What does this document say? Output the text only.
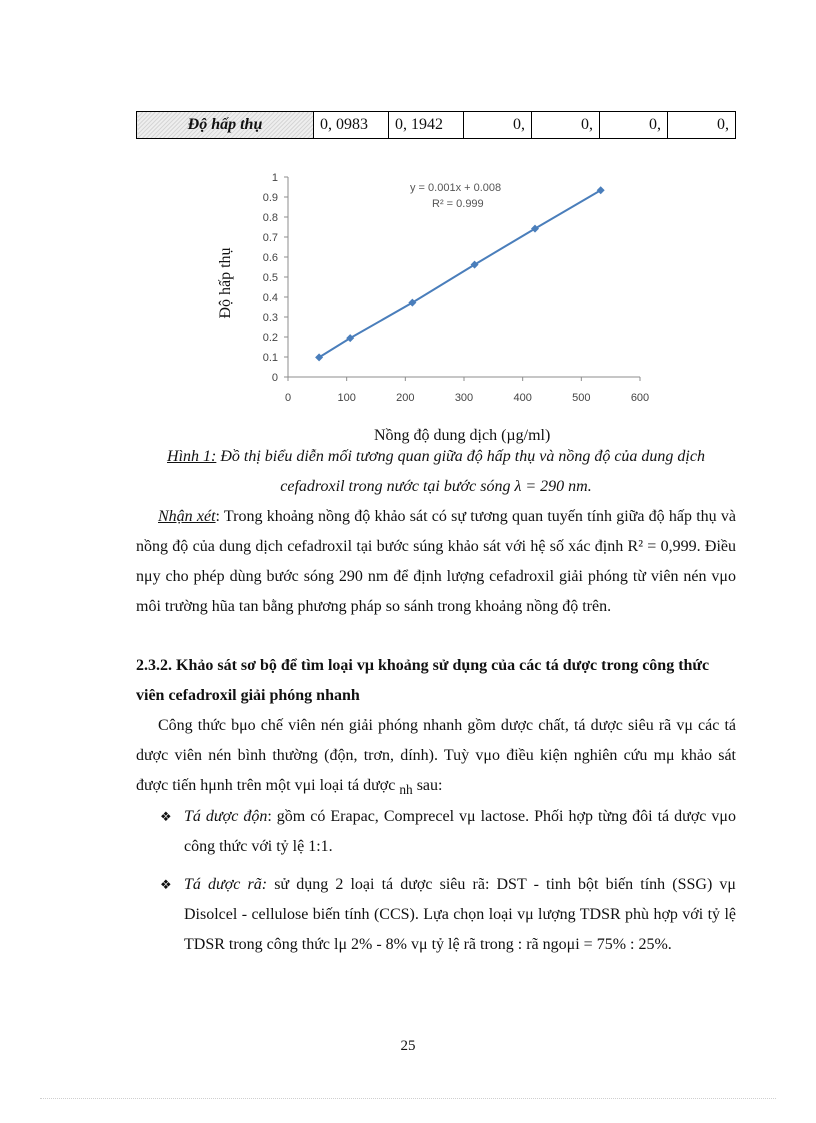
Độ hấp thụ	0, 0983	0, 1942	0,	0,	0,	0,
0
0.1
0.2
0.3
0.4
0.5
0.6
0.7
0.8
0.9
1
0	100	200	300	400	500	600
y = 0.001x + 0.008
R² = 0.999
Độ hấp thụ
Nồng độ dung dịch (µg/ml)
Hình 1: Đồ thị biểu diễn mối tương quan giữa độ hấp thụ và nồng độ của dung dịch
cefadroxil trong nước tại bước sóng λ = 290 nm.
Nhận xét: Trong khoảng nồng độ khảo sát có sự tương quan tuyến tính giữa độ hấp thụ và nồng độ của dung dịch cefadroxil tại bước súng khảo sát với hệ số xác định R² = 0,999. Điều nμy cho phép dùng bước sóng 290 nm để định lượng cefadroxil giải phóng từ viên nén vμo môi trường hũa tan bằng phương pháp so sánh trong khoảng nồng độ trên.
2.3.2. Khảo sát sơ bộ để tìm loại vμ khoảng sử dụng của các tá dược trong công thức viên cefadroxil giải phóng nhanh
Công thức bμo chế viên nén giải phóng nhanh gồm dược chất, tá dược siêu rã vμ các tá dược viên nén bình thường (độn, trơn, dính). Tuỳ vμo điều kiện nghiên cứu mμ khảo sát được tiến hμnh trên một vμi loại tá dược $_{nh}$ sau:
❖ Tá dược độn: gồm có Erapac, Comprecel vμ lactose. Phối hợp từng đôi tá dược vμo công thức với tỷ lệ 1:1.
❖ Tá dược rã: sử dụng 2 loại tá dược siêu rã: DST - tinh bột biến tính (SSG) vμ Disolcel - cellulose biến tính (CCS). Lựa chọn loại vμ lượng TDSR phù hợp với tỷ lệ TDSR trong công thức lμ 2% - 8% vμ tỷ lệ rã trong : rã ngoμi = 75% : 25%.
25
